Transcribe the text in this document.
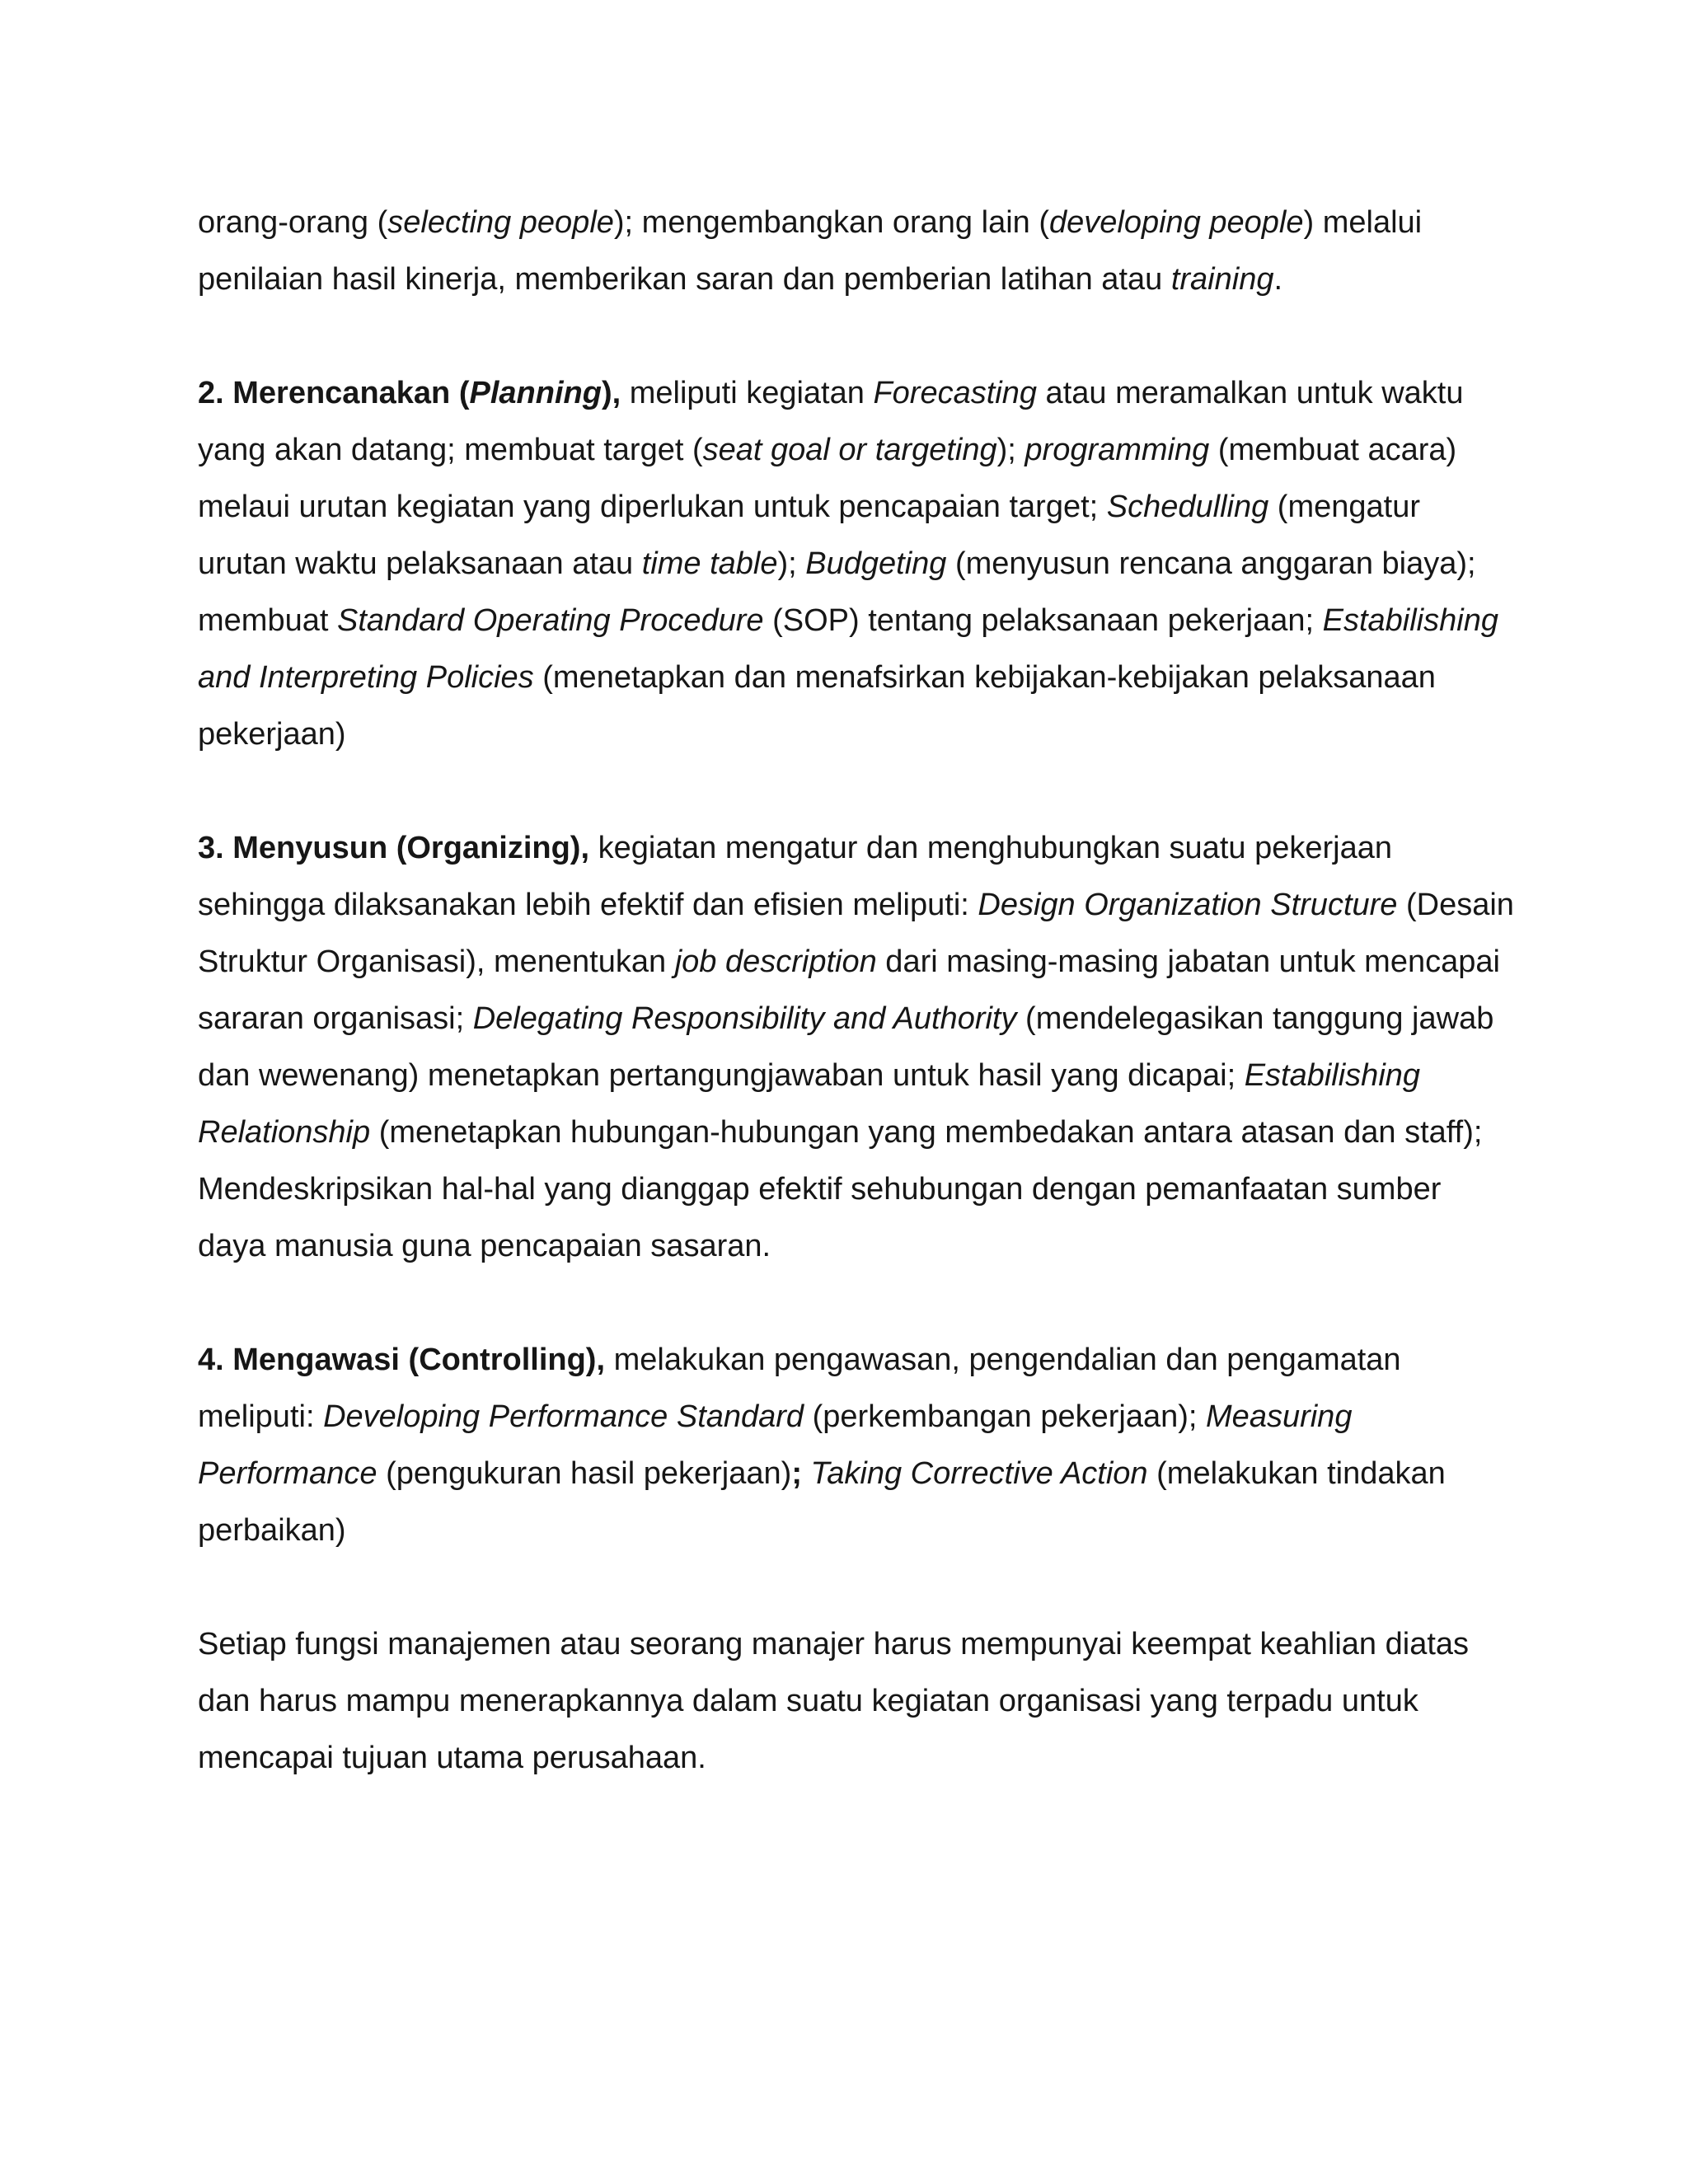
orang-orang (selecting people); mengembangkan orang lain (developing people) melalui penilaian hasil kinerja, memberikan saran dan pemberian latihan atau training.

2. Merencanakan (Planning), meliputi kegiatan Forecasting atau meramalkan untuk waktu yang akan datang; membuat target (seat goal or targeting); programming (membuat acara) melaui urutan kegiatan yang diperlukan untuk pencapaian target; Schedulling (mengatur urutan waktu pelaksanaan atau time table); Budgeting (menyusun rencana anggaran biaya); membuat Standard Operating Procedure (SOP) tentang pelaksanaan pekerjaan; Estabilishing and Interpreting Policies (menetapkan dan menafsirkan kebijakan-kebijakan pelaksanaan pekerjaan)

3. Menyusun (Organizing), kegiatan mengatur dan menghubungkan suatu pekerjaan sehingga dilaksanakan lebih efektif dan efisien meliputi: Design Organization Structure (Desain Struktur Organisasi), menentukan job description dari masing-masing jabatan untuk mencapai sararan organisasi; Delegating Responsibility and Authority (mendelegasikan tanggung jawab dan wewenang) menetapkan pertangungjawaban untuk hasil yang dicapai; Estabilishing Relationship (menetapkan hubungan-hubungan yang membedakan antara atasan dan staff); Mendeskripsikan hal-hal yang dianggap efektif sehubungan dengan pemanfaatan sumber daya manusia guna pencapaian sasaran.

4. Mengawasi (Controlling), melakukan pengawasan, pengendalian dan pengamatan meliputi: Developing Performance Standard (perkembangan pekerjaan); Measuring Performance (pengukuran hasil pekerjaan); Taking Corrective Action (melakukan tindakan perbaikan)

Setiap fungsi manajemen atau seorang manajer harus mempunyai keempat keahlian diatas dan harus mampu menerapkannya dalam suatu kegiatan organisasi yang terpadu untuk mencapai tujuan utama perusahaan.
